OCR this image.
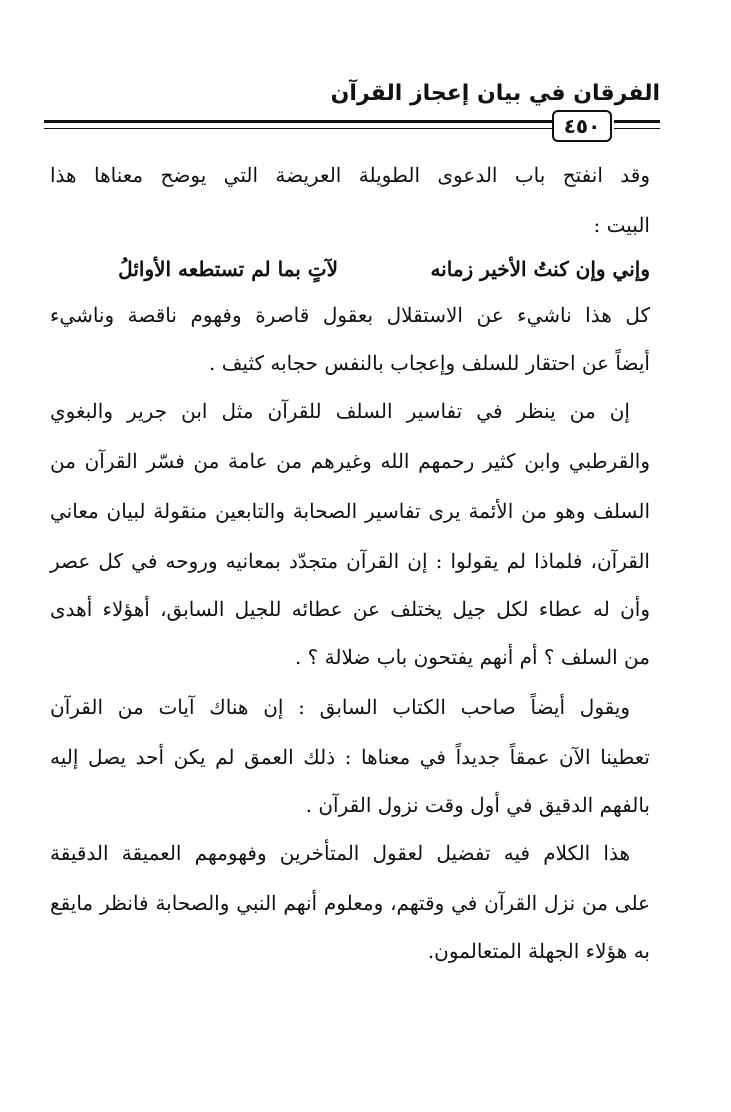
الفرقان في بيان إعجاز القرآن
٤٥٠
وقد انفتح باب الدعوى الطويلة العريضة التي يوضح معناها هذا
البيت :
وإني وإن كنتُ الأخير زمانه
لآتٍ بما لم تستطعه الأوائلُ
كل هذا ناشيء عن الاستقلال بعقول قاصرة وفهوم ناقصة وناشيء
أيضاً عن احتقار للسلف وإعجاب بالنفس حجابه كثيف .
إن من ينظر في تفاسير السلف للقرآن مثل ابن جرير والبغوي
والقرطبي وابن كثير رحمهم الله وغيرهم من عامة من فسّر القرآن من
السلف وهو من الأئمة يرى تفاسير الصحابة والتابعين منقولة لبيان معاني
القرآن، فلماذا لم يقولوا : إن القرآن متجدّد بمعانيه وروحه في كل عصر
وأن له عطاء لكل جيل يختلف عن عطائه للجيل السابق، أهؤلاء أهدى
من السلف ؟ أم أنهم يفتحون باب ضلالة ؟ .
ويقول أيضاً صاحب الكتاب السابق : إن هناك آيات من القرآن
تعطينا الآن عمقاً جديداً في معناها : ذلك العمق لم يكن أحد يصل إليه
بالفهم الدقيق في أول وقت نزول القرآن .
هذا الكلام فيه تفضيل لعقول المتأخرين وفهومهم العميقة الدقيقة
على من نزل القرآن في وقتهم، ومعلوم أنهم النبي والصحابة فانظر مايقع
به هؤلاء الجهلة المتعالمون.
